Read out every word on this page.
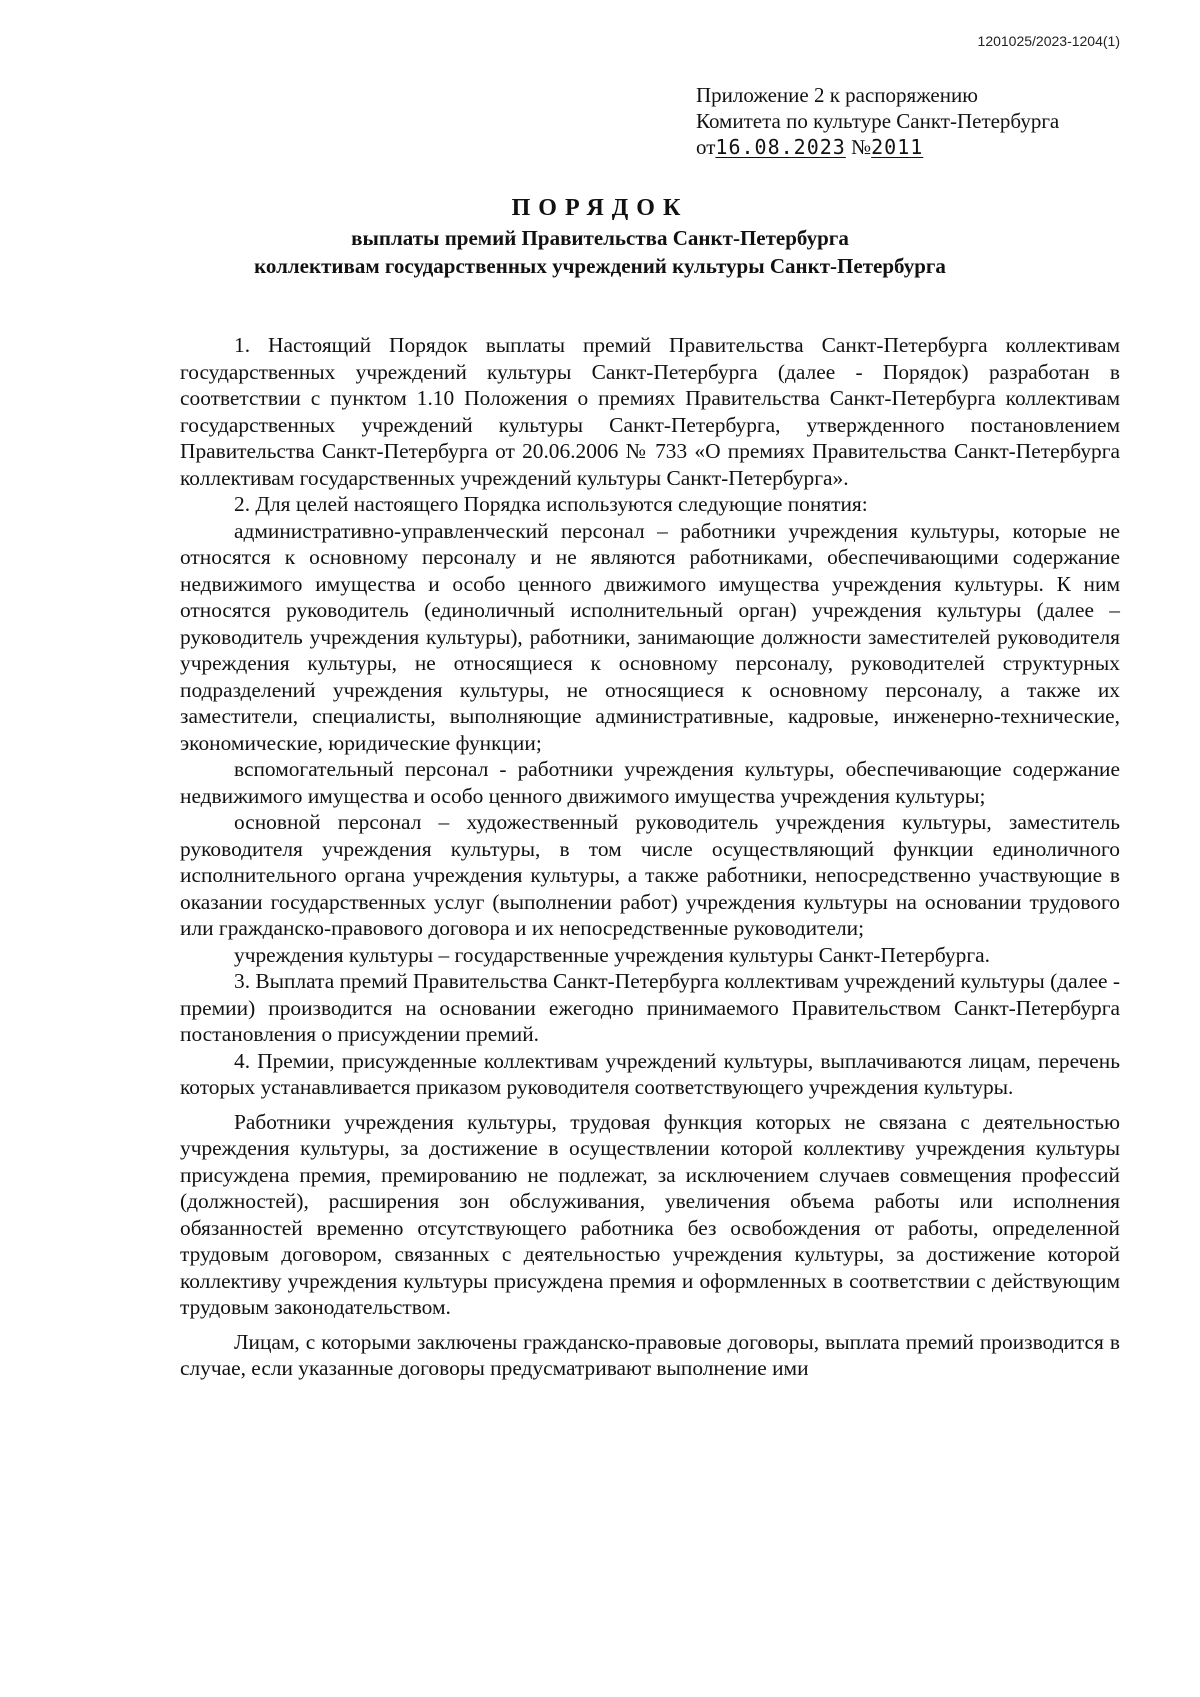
1201025/2023-1204(1)
Приложение 2 к распоряжению
Комитета по культуре Санкт-Петербурга
от16.08.2023 №2011
ПОРЯДОК
выплаты премий Правительства Санкт-Петербурга
коллективам государственных учреждений культуры Санкт-Петербурга

1. Настоящий Порядок выплаты премий Правительства Санкт-Петербурга коллективам государственных учреждений культуры Санкт-Петербурга (далее - Порядок) разработан в соответствии с пунктом 1.10 Положения о премиях Правительства Санкт-Петербурга коллективам государственных учреждений культуры Санкт-Петербурга, утвержденного постановлением Правительства Санкт-Петербурга от 20.06.2006 № 733 «О премиях Правительства Санкт-Петербурга коллективам государственных учреждений культуры Санкт-Петербурга».

2. Для целей настоящего Порядка используются следующие понятия:

административно-управленческий персонал – работники учреждения культуры, которые не относятся к основному персоналу и не являются работниками, обеспечивающими содержание недвижимого имущества и особо ценного движимого имущества учреждения культуры. К ним относятся руководитель (единоличный исполнительный орган) учреждения культуры (далее – руководитель учреждения культуры), работники, занимающие должности заместителей руководителя учреждения культуры, не относящиеся к основному персоналу, руководителей структурных подразделений учреждения культуры, не относящиеся к основному персоналу, а также их заместители, специалисты, выполняющие административные, кадровые, инженерно-технические, экономические, юридические функции;

вспомогательный персонал - работники учреждения культуры, обеспечивающие содержание недвижимого имущества и особо ценного движимого имущества учреждения культуры;

основной персонал – художественный руководитель учреждения культуры, заместитель руководителя учреждения культуры, в том числе осуществляющий функции единоличного исполнительного органа учреждения культуры, а также работники, непосредственно участвующие в оказании государственных услуг (выполнении работ) учреждения культуры на основании трудового или гражданско-правового договора и их непосредственные руководители;

учреждения культуры – государственные учреждения культуры Санкт-Петербурга.

3. Выплата премий Правительства Санкт-Петербурга коллективам учреждений культуры (далее - премии) производится на основании ежегодно принимаемого Правительством Санкт-Петербурга постановления о присуждении премий.

4. Премии, присужденные коллективам учреждений культуры, выплачиваются лицам, перечень которых устанавливается приказом руководителя соответствующего учреждения культуры.

Работники учреждения культуры, трудовая функция которых не связана с деятельностью учреждения культуры, за достижение в осуществлении которой коллективу учреждения культуры присуждена премия, премированию не подлежат, за исключением случаев совмещения профессий (должностей), расширения зон обслуживания, увеличения объема работы или исполнения обязанностей временно отсутствующего работника без освобождения от работы, определенной трудовым договором, связанных с деятельностью учреждения культуры, за достижение которой коллективу учреждения культуры присуждена премия и оформленных в соответствии с действующим трудовым законодательством.

Лицам, с которыми заключены гражданско-правовые договоры, выплата премий производится в случае, если указанные договоры предусматривают выполнение ими
